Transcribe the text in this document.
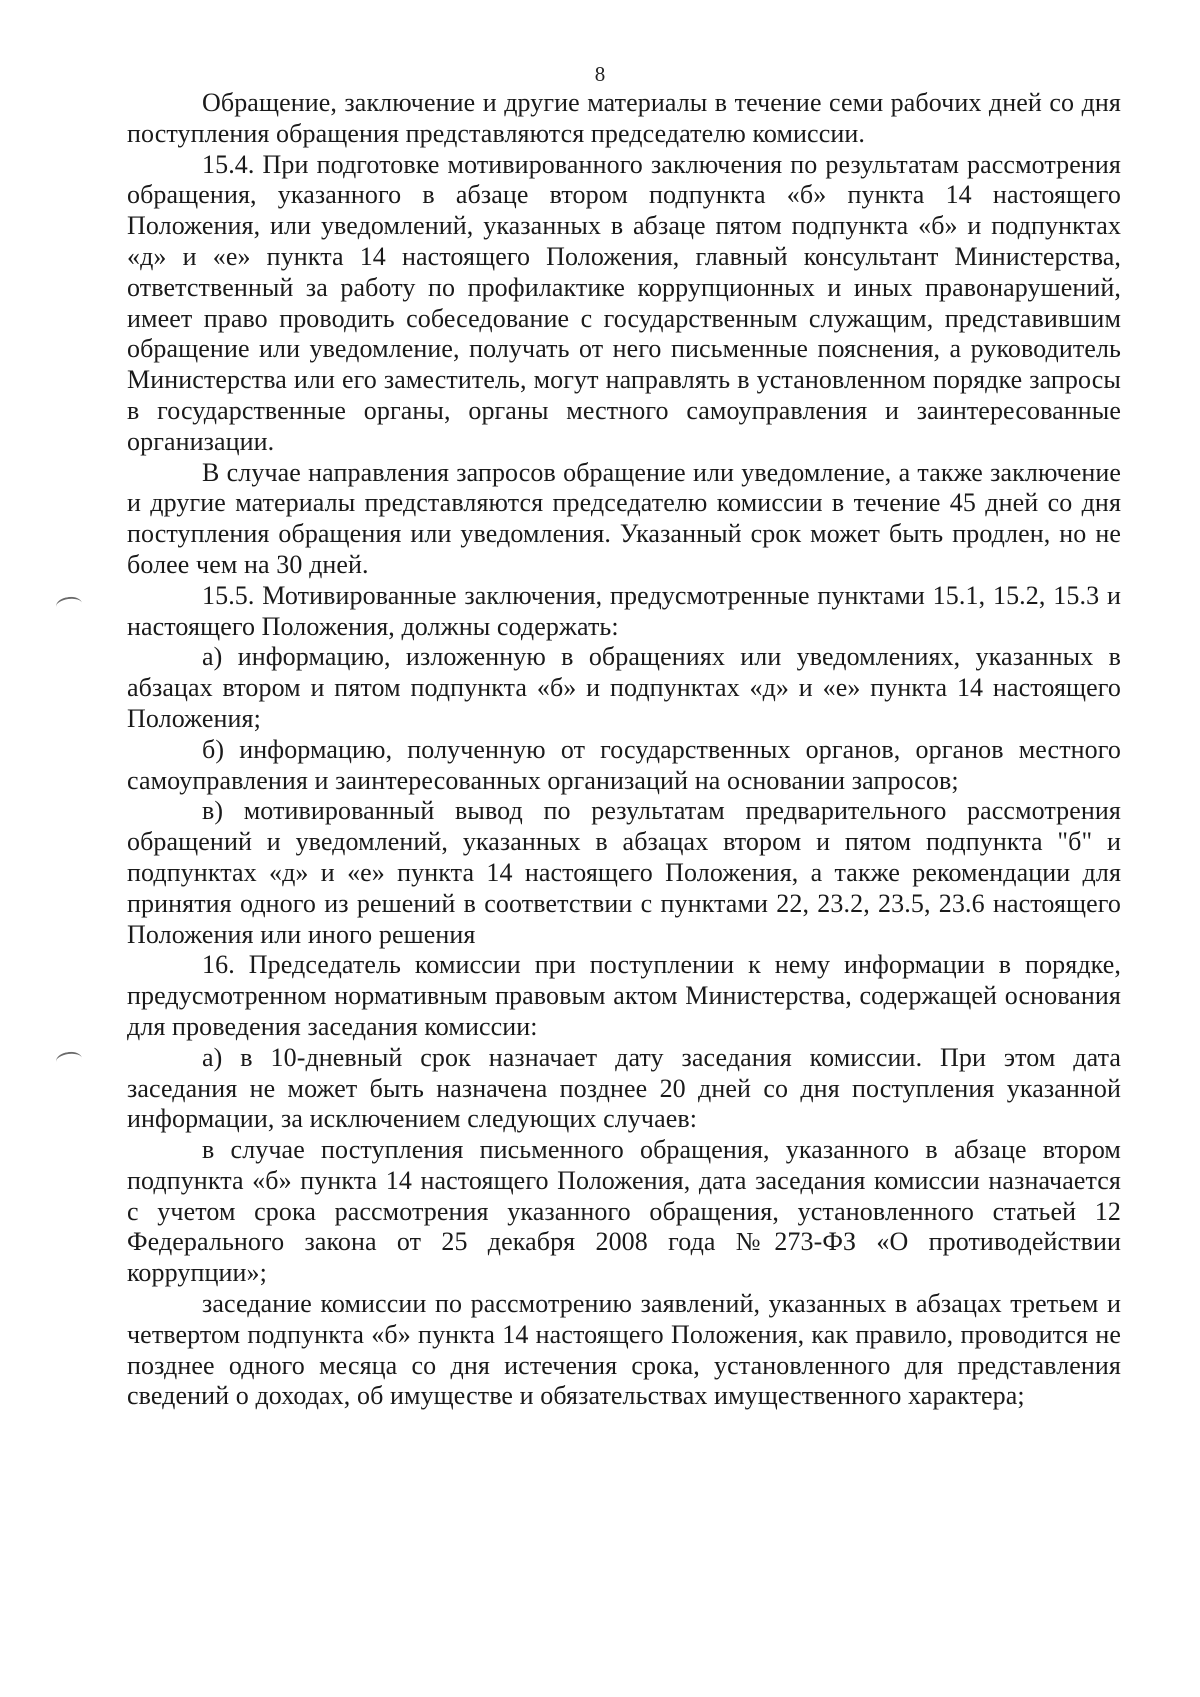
8

Обращение, заключение и другие материалы в течение семи рабочих дней со дня поступления обращения представляются председателю комиссии.

15.4. При подготовке мотивированного заключения по результатам рассмотрения обращения, указанного в абзаце втором подпункта «б» пункта 14 настоящего Положения, или уведомлений, указанных в абзаце пятом подпункта «б» и подпунктах «д» и «е» пункта 14 настоящего Положения, главный консультант Министерства, ответственный за работу по профилактике коррупционных и иных правонарушений, имеет право проводить собеседование с государственным служащим, представившим обращение или уведомление, получать от него письменные пояснения, а руководитель Министерства или его заместитель, могут направлять в установленном порядке запросы в государственные органы, органы местного самоуправления и заинтересованные организации.

В случае направления запросов обращение или уведомление, а также заключение и другие материалы представляются председателю комиссии в течение 45 дней со дня поступления обращения или уведомления. Указанный срок может быть продлен, но не более чем на 30 дней.

15.5. Мотивированные заключения, предусмотренные пунктами 15.1, 15.2, 15.3 и настоящего Положения, должны содержать:

а) информацию, изложенную в обращениях или уведомлениях, указанных в абзацах втором и пятом подпункта «б» и подпунктах «д» и «е» пункта 14 настоящего Положения;

б) информацию, полученную от государственных органов, органов местного самоуправления и заинтересованных организаций на основании запросов;

в) мотивированный вывод по результатам предварительного рассмотрения обращений и уведомлений, указанных в абзацах втором и пятом подпункта "б" и подпунктах «д» и «е» пункта 14 настоящего Положения, а также рекомендации для принятия одного из решений в соответствии с пунктами 22, 23.2, 23.5, 23.6 настоящего Положения или иного решения

16. Председатель комиссии при поступлении к нему информации в порядке, предусмотренном нормативным правовым актом Министерства, содержащей основания для проведения заседания комиссии:

а) в 10-дневный срок назначает дату заседания комиссии. При этом дата заседания не может быть назначена позднее 20 дней со дня поступления указанной информации, за исключением следующих случаев:

в случае поступления письменного обращения, указанного в абзаце втором подпункта «б» пункта 14 настоящего Положения, дата заседания комиссии назначается с учетом срока рассмотрения указанного обращения, установленного статьей 12 Федерального закона от 25 декабря 2008 года №273-ФЗ «О противодействии коррупции»;

заседание комиссии по рассмотрению заявлений, указанных в абзацах третьем и четвертом подпункта «б» пункта 14 настоящего Положения, как правило, проводится не позднее одного месяца со дня истечения срока, установленного для представления сведений о доходах, об имуществе и обязательствах имущественного характера;
